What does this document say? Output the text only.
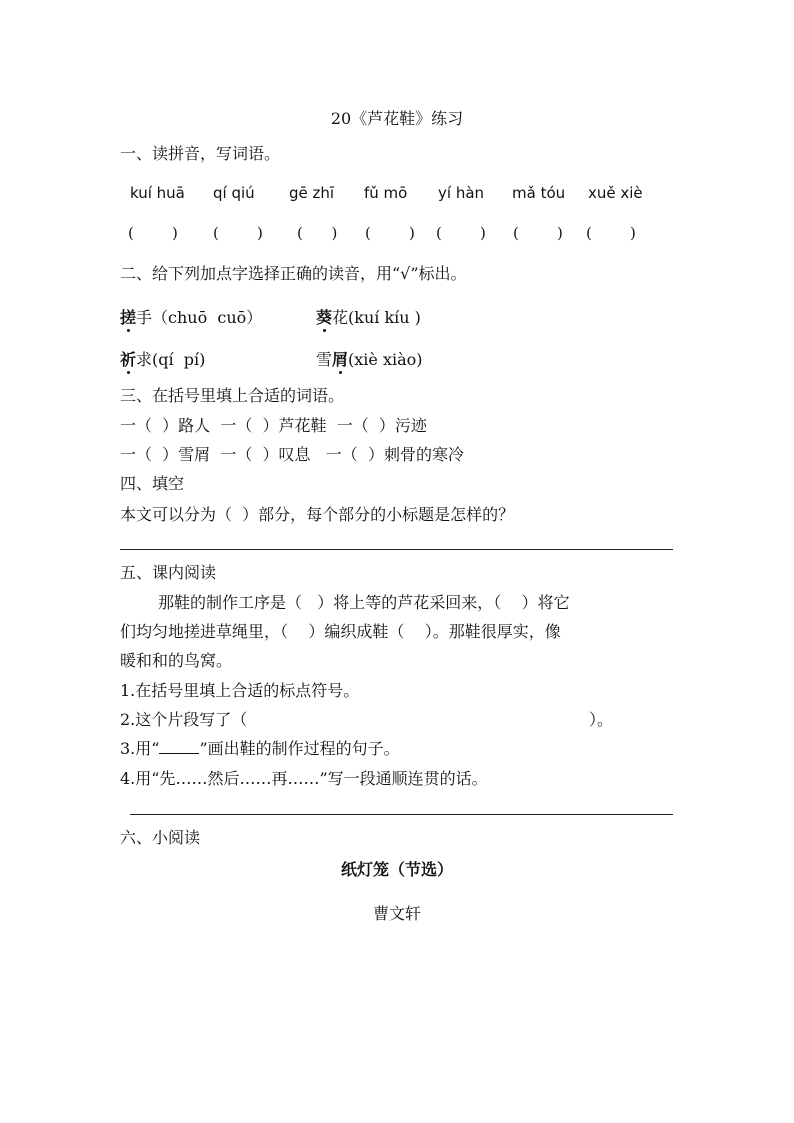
20《芦花鞋》练习
一、读拼音，写词语。
kuí huā qí qiú gē zhī fǔ mō yí hàn mǎ tóu xuě xiè
(        ) (        ) (      ) (        ) (        ) (        ) (        )
二、给下列加点字选择正确的读音，用“√”标出。
搓手（chuō  cuō）	葵花(kuí kíu )
祈求(qí  pí)	雪屑(xiè xiào)
三、在括号里填上合适的词语。
一（  ）路人  一（  ）芦花鞋  一（  ）污迹
一（  ）雪屑  一（  ）叹息   一（  ）刺骨的寒冷
四、填空
本文可以分为（  ）部分，每个部分的小标题是怎样的？
五、课内阅读
那鞋的制作工序是（   ）将上等的芦花采回来，（    ）将它
们均匀地搓进草绳里，（    ）编织成鞋（    ）。那鞋很厚实，像
暖和和的鸟窝。
1.在括号里填上合适的标点符号。
2.这个片段写了（	）。
3.用“	”画出鞋的制作过程的句子。
4.用“先……然后……再……”写一段通顺连贯的话。
六、小阅读
纸灯笼（节选）
曹文轩
